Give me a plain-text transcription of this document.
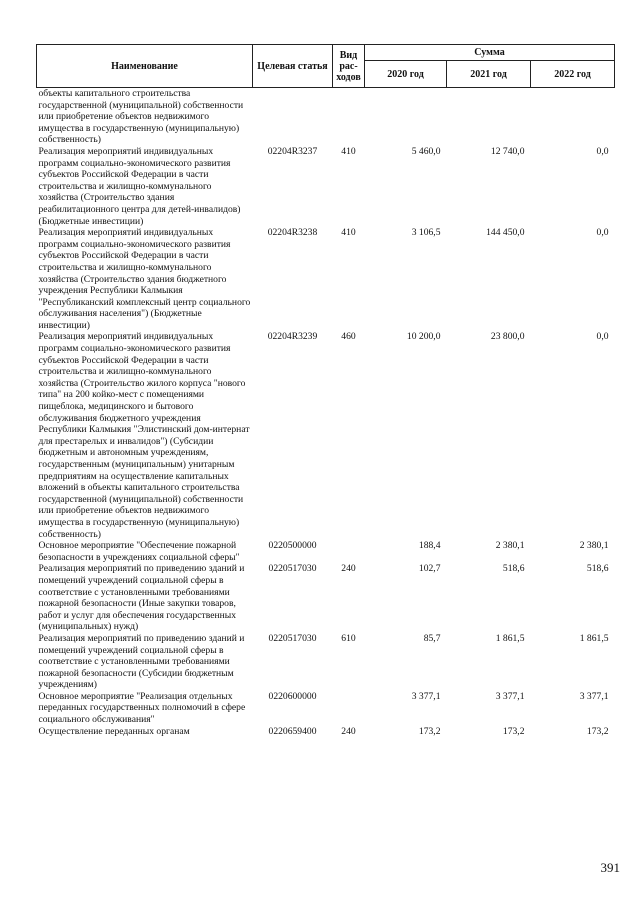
Наименование	Целевая статья	Вид рас-ходов	Сумма		
			2020 год	2021 год	2022 год
объекты капитального строительства государственной (муниципальной) собственности или приобретение объектов недвижимого имущества в государственную (муниципальную) собственность)					
Реализация мероприятий индивидуальных программ социально-экономического развития субъектов Российской Федерации в части строительства и жилищно-коммунального хозяйства (Строительство здания реабилитационного центра для детей-инвалидов) (Бюджетные инвестиции)	02204R3237	410	5 460,0	12 740,0	0,0
Реализация мероприятий индивидуальных программ социально-экономического развития субъектов Российской Федерации в части строительства и жилищно-коммунального хозяйства (Строительство здания бюджетного учреждения Республики Калмыкия "Республиканский комплексный центр социального обслуживания населения") (Бюджетные инвестиции)	02204R3238	410	3 106,5	144 450,0	0,0
Реализация мероприятий индивидуальных программ социально-экономического развития субъектов Российской Федерации в части строительства и жилищно-коммунального хозяйства (Строительство жилого корпуса "нового типа" на 200 койко-мест с помещениями пищеблока, медицинского и бытового обслуживания бюджетного учреждения Республики Калмыкия "Элистинский дом-интернат для престарелых и инвалидов") (Субсидии бюджетным и автономным учреждениям, государственным (муниципальным) унитарным предприятиям на осуществление капитальных вложений в объекты капитального строительства государственной (муниципальной) собственности или приобретение объектов недвижимого имущества в государственную (муниципальную) собственность)	02204R3239	460	10 200,0	23 800,0	0,0
Основное мероприятие "Обеспечение пожарной безопасности в учреждениях социальной сферы"	0220500000		188,4	2 380,1	2 380,1
Реализация мероприятий по приведению зданий и помещений учреждений социальной сферы в соответствие с установленными требованиями пожарной безопасности (Иные закупки товаров, работ и услуг для обеспечения государственных (муниципальных) нужд)	0220517030	240	102,7	518,6	518,6
Реализация мероприятий по приведению зданий и помещений учреждений социальной сферы в соответствие с установленными требованиями пожарной безопасности (Субсидии бюджетным учреждениям)	0220517030	610	85,7	1 861,5	1 861,5
Основное мероприятие "Реализация отдельных переданных государственных полномочий в сфере социального обслуживания"	0220600000		3 377,1	3 377,1	3 377,1
Осуществление переданных органам	0220659400	240	173,2	173,2	173,2
391
